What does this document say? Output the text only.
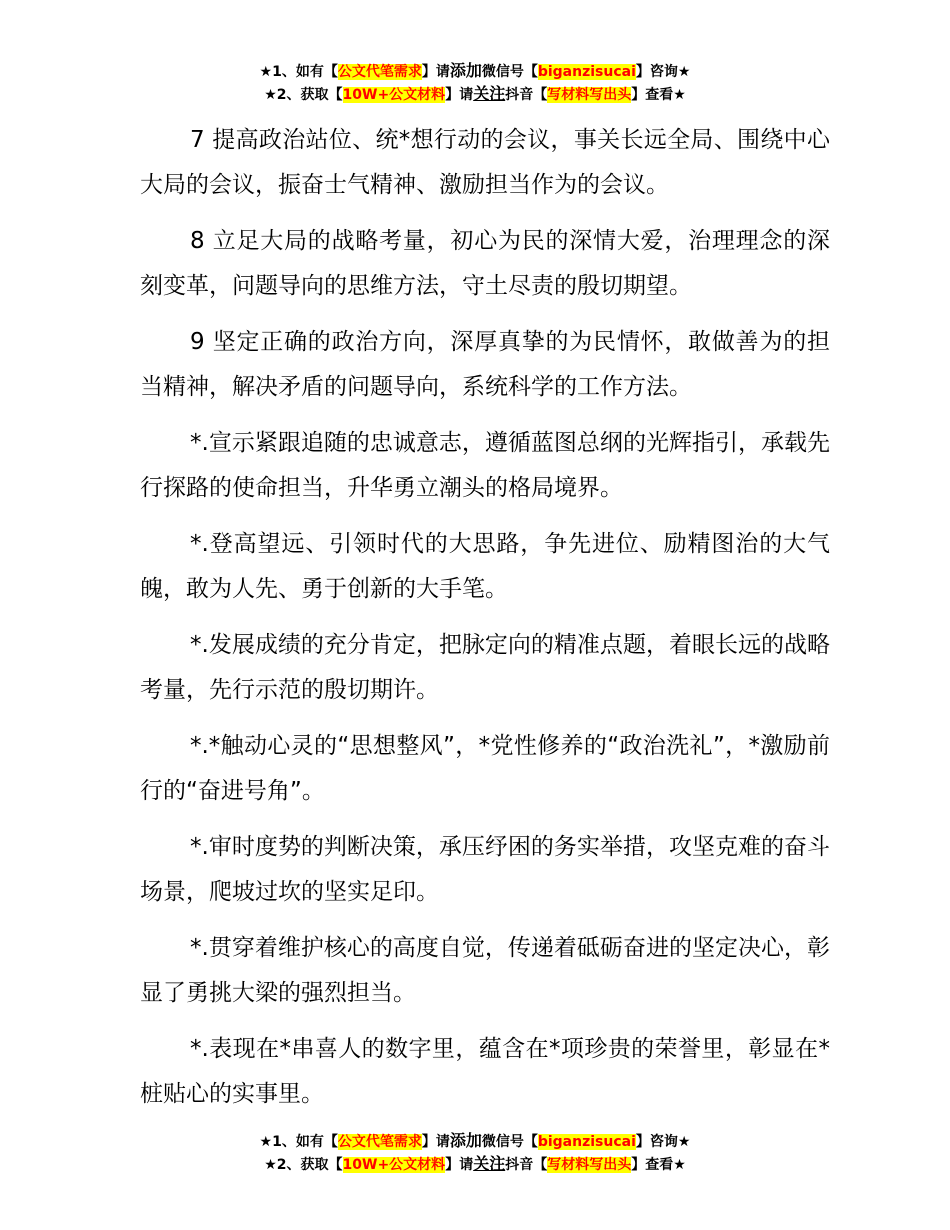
★1、如有【公文代笔需求】请添加微信号【biganzisucai】咨询★
★2、获取【10W+公文材料】请关注抖音【写材料写出头】查看★

7 提高政治站位、统*想行动的会议，事关长远全局、围绕中心大局的会议，振奋士气精神、激励担当作为的会议。

8 立足大局的战略考量，初心为民的深情大爱，治理理念的深刻变革，问题导向的思维方法，守土尽责的殷切期望。

9 坚定正确的政治方向，深厚真挚的为民情怀，敢做善为的担当精神，解决矛盾的问题导向，系统科学的工作方法。

*.宣示紧跟追随的忠诚意志，遵循蓝图总纲的光辉指引，承载先行探路的使命担当，升华勇立潮头的格局境界。

*.登高望远、引领时代的大思路，争先进位、励精图治的大气魄，敢为人先、勇于创新的大手笔。

*.发展成绩的充分肯定，把脉定向的精准点题，着眼长远的战略考量，先行示范的殷切期许。

*.*触动心灵的“思想整风”，*党性修养的“政治洗礼”，*激励前行的“奋进号角”。

*.审时度势的判断决策，承压纾困的务实举措，攻坚克难的奋斗场景，爬坡过坎的坚实足印。

*.贯穿着维护核心的高度自觉，传递着砥砺奋进的坚定决心，彰显了勇挑大梁的强烈担当。

*.表现在*串喜人的数字里，蕴含在*项珍贵的荣誉里，彰显在*桩贴心的实事里。

★1、如有【公文代笔需求】请添加微信号【biganzisucai】咨询★
★2、获取【10W+公文材料】请关注抖音【写材料写出头】查看★
